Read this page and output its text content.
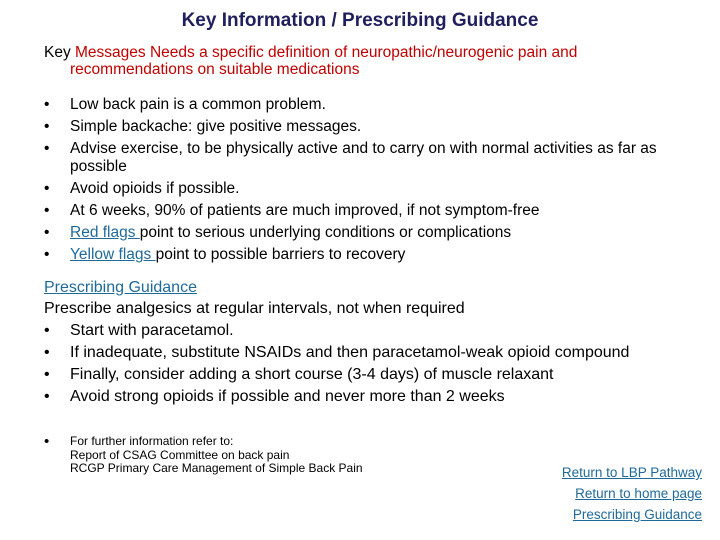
Key Information / Prescribing Guidance
Key Messages Needs a specific definition of neuropathic/neurogenic pain and
recommendations on suitable medications
• Low back pain is a common problem.
• Simple backache: give positive messages.
• Advise exercise, to be physically active and to carry on with normal activities as far as possible
• Avoid opioids if possible.
• At 6 weeks, 90% of patients are much improved, if not symptom-free
• Red flags point to serious underlying conditions or complications
• Yellow flags point to possible barriers to recovery
Prescribing Guidance
Prescribe analgesics at regular intervals, not when required
• Start with paracetamol.
• If inadequate, substitute NSAIDs and then paracetamol-weak opioid compound
• Finally, consider adding a short course (3-4 days) of muscle relaxant
• Avoid strong opioids if possible and never more than 2 weeks
• For further information refer to:
Report of CSAG Committee on back pain
RCGP Primary Care Management of Simple Back Pain	Return to LBP Pathway
Return to home page
Prescribing Guidance
